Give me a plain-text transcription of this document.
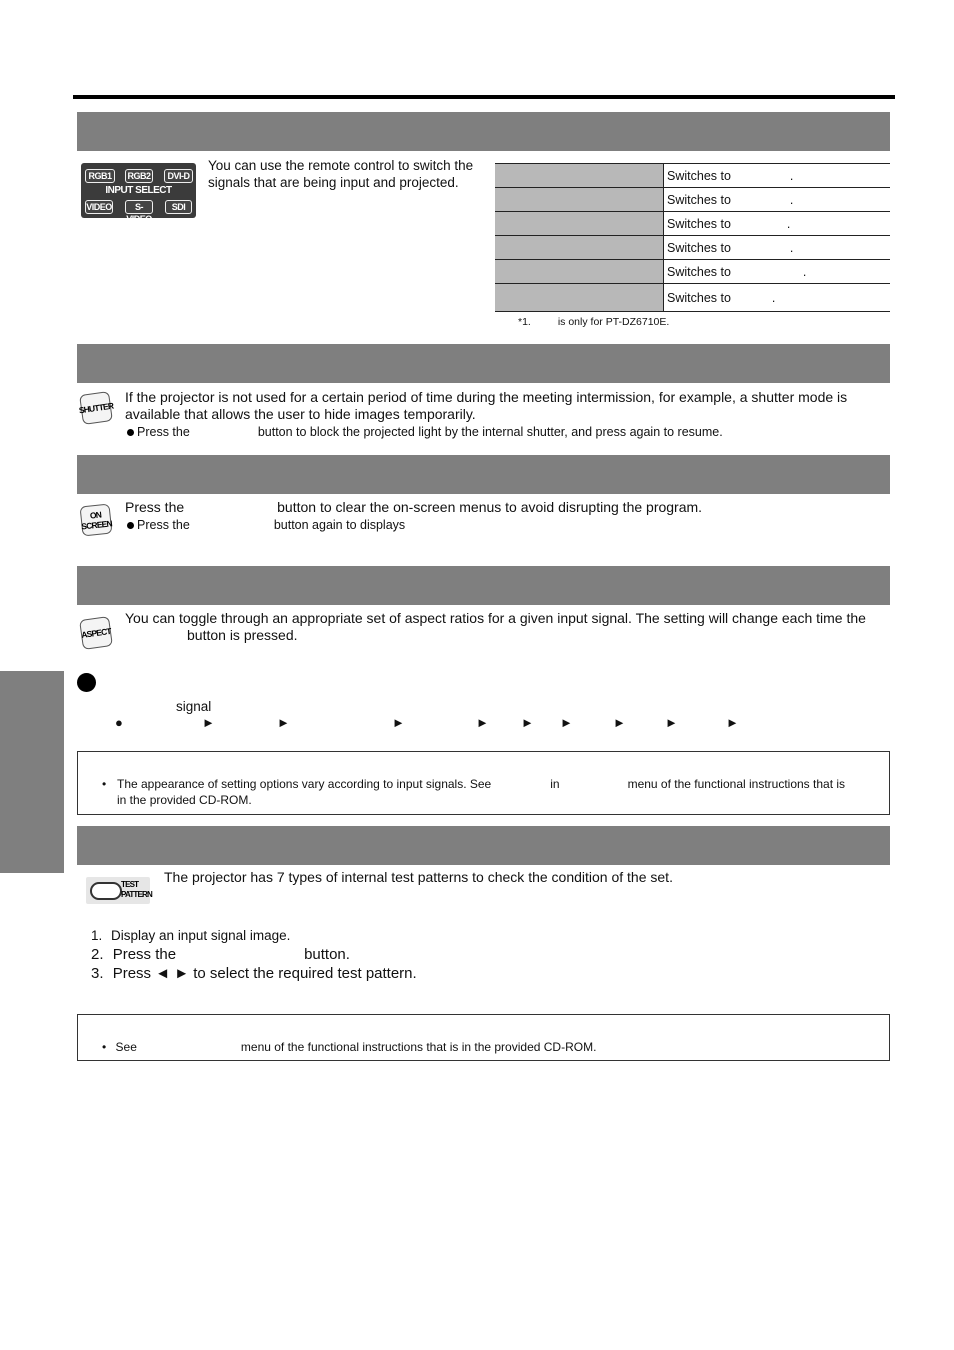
RGB1	RGB2	DVI-D
INPUT SELECT
VIDEO	S-VIDEO
SDI
You can use the remote control to switch the signals that are being input and projected.
		Switches to .
	Switches to .
	Switches to .
	Switches to .
	Switches to .
	Switches to .
*1.	is only for PT-DZ6710E.
SHUTTER
If the projector is not used for a certain period of time during the meeting intermission, for example, a shutter mode is available that allows the user to hide images temporarily.
Press the	button to block the projected light by the internal shutter, and press again to resume.
ON
SCREEN
Press the	button to clear the on-screen menus to avoid disrupting the program.
Press the	button again to displays
ASPECT
You can toggle through an appropriate set of aspect ratios for a given input signal. The setting will change each time the
button is pressed.
signal
●	►	►	►	► ► ►	►	►	►
• The appearance of setting options vary according to input signals. See	in	menu of the functional instructions that is
in the provided CD-ROM.
TEST
PATTERN
The projector has 7 types of internal test patterns to check the condition of the set.
1. Display an input signal image.
2. Press the	button.
3. Press ◄ ► to select the required test pattern.
• See	menu of the functional instructions that is in the provided CD-ROM.
